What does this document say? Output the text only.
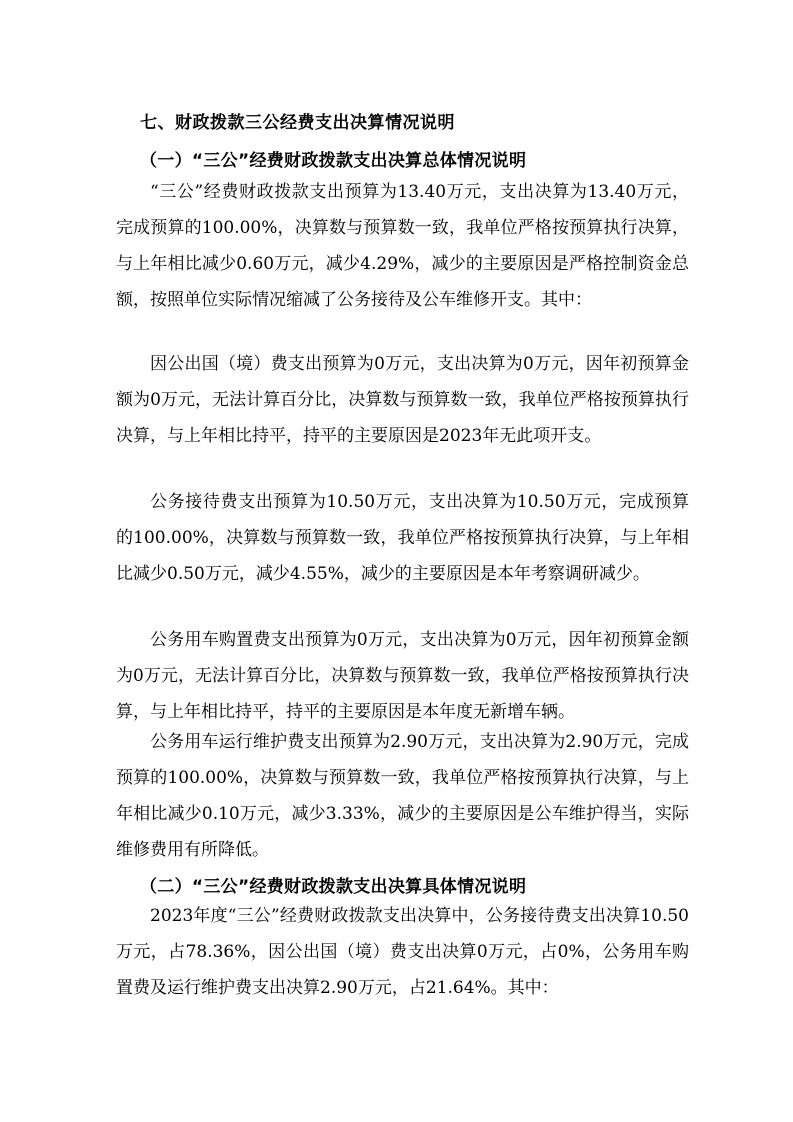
七、财政拨款三公经费支出决算情况说明
（一）“三公”经费财政拨款支出决算总体情况说明

“三公”经费财政拨款支出预算为13.40万元，支出决算为13.40万元，完成预算的100.00%，决算数与预算数一致，我单位严格按预算执行决算，与上年相比减少0.60万元，减少4.29%，减少的主要原因是严格控制资金总额，按照单位实际情况缩减了公务接待及公车维修开支。其中：

因公出国（境）费支出预算为0万元，支出决算为0万元，因年初预算金额为0万元，无法计算百分比，决算数与预算数一致，我单位严格按预算执行决算，与上年相比持平，持平的主要原因是2023年无此项开支。

公务接待费支出预算为10.50万元，支出决算为10.50万元，完成预算的100.00%，决算数与预算数一致，我单位严格按预算执行决算，与上年相比减少0.50万元，减少4.55%，减少的主要原因是本年考察调研减少。

公务用车购置费支出预算为0万元，支出决算为0万元，因年初预算金额为0万元，无法计算百分比，决算数与预算数一致，我单位严格按预算执行决算，与上年相比持平，持平的主要原因是本年度无新增车辆。

公务用车运行维护费支出预算为2.90万元，支出决算为2.90万元，完成预算的100.00%，决算数与预算数一致，我单位严格按预算执行决算，与上年相比减少0.10万元，减少3.33%，减少的主要原因是公车维护得当，实际维修费用有所降低。

（二）“三公”经费财政拨款支出决算具体情况说明

2023年度“三公”经费财政拨款支出决算中，公务接待费支出决算10.50万元，占78.36%，因公出国（境）费支出决算0万元，占0%，公务用车购置费及运行维护费支出决算2.90万元，占21.64%。其中：
